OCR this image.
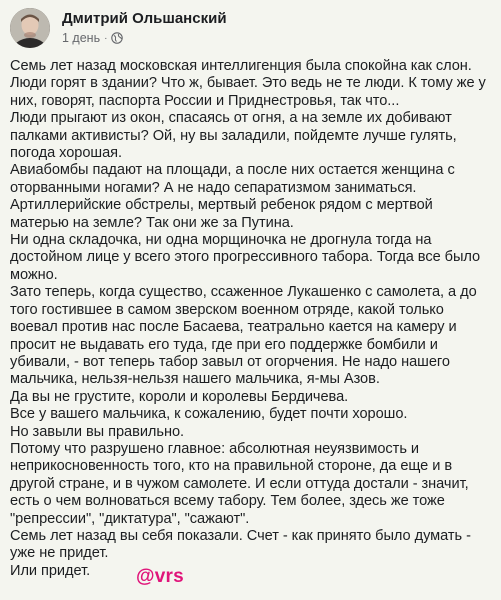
Дмитрий Ольшанский
1 день ·

Семь лет назад московская интеллигенция была спокойна как слон.

Люди горят в здании? Что ж, бывает. Это ведь не те люди. К тому же у них, говорят, паспорта России и Приднестровья, так что...

Люди прыгают из окон, спасаясь от огня, а на земле их добивают палками активисты? Ой, ну вы заладили, пойдемте лучше гулять, погода хорошая.

Авиабомбы падают на площади, а после них остается женщина с оторванными ногами? А не надо сепаратизмом заниматься.

Артиллерийские обстрелы, мертвый ребенок рядом с мертвой матерью на земле? Так они же за Путина.

Ни одна складочка, ни одна морщиночка не дрогнула тогда на достойном лице у всего этого прогрессивного табора. Тогда все было можно.

Зато теперь, когда существо, ссаженное Лукашенко с самолета, а до того гостившее в самом зверском военном отряде, какой только воевал против нас после Басаева, театрально кается на камеру и просит не выдавать его туда, где при его поддержке бомбили и убивали, - вот теперь табор завыл от огорчения. Не надо нашего мальчика, нельзя-нельзя нашего мальчика, я-мы Азов.

Да вы не грустите, короли и королевы Бердичева.

Все у вашего мальчика, к сожалению, будет почти хорошо.

Но завыли вы правильно.

Потому что разрушено главное: абсолютная неуязвимость и неприкосновенность того, кто на правильной стороне, да еще и в другой стране, и в чужом самолете. И если оттуда достали - значит, есть о чем волноваться всему табору. Тем более, здесь же тоже "репрессии", "диктатура", "сажают".

Семь лет назад вы себя показали. Счет - как принято было думать - уже не придет.

Или придет.	@vrs
